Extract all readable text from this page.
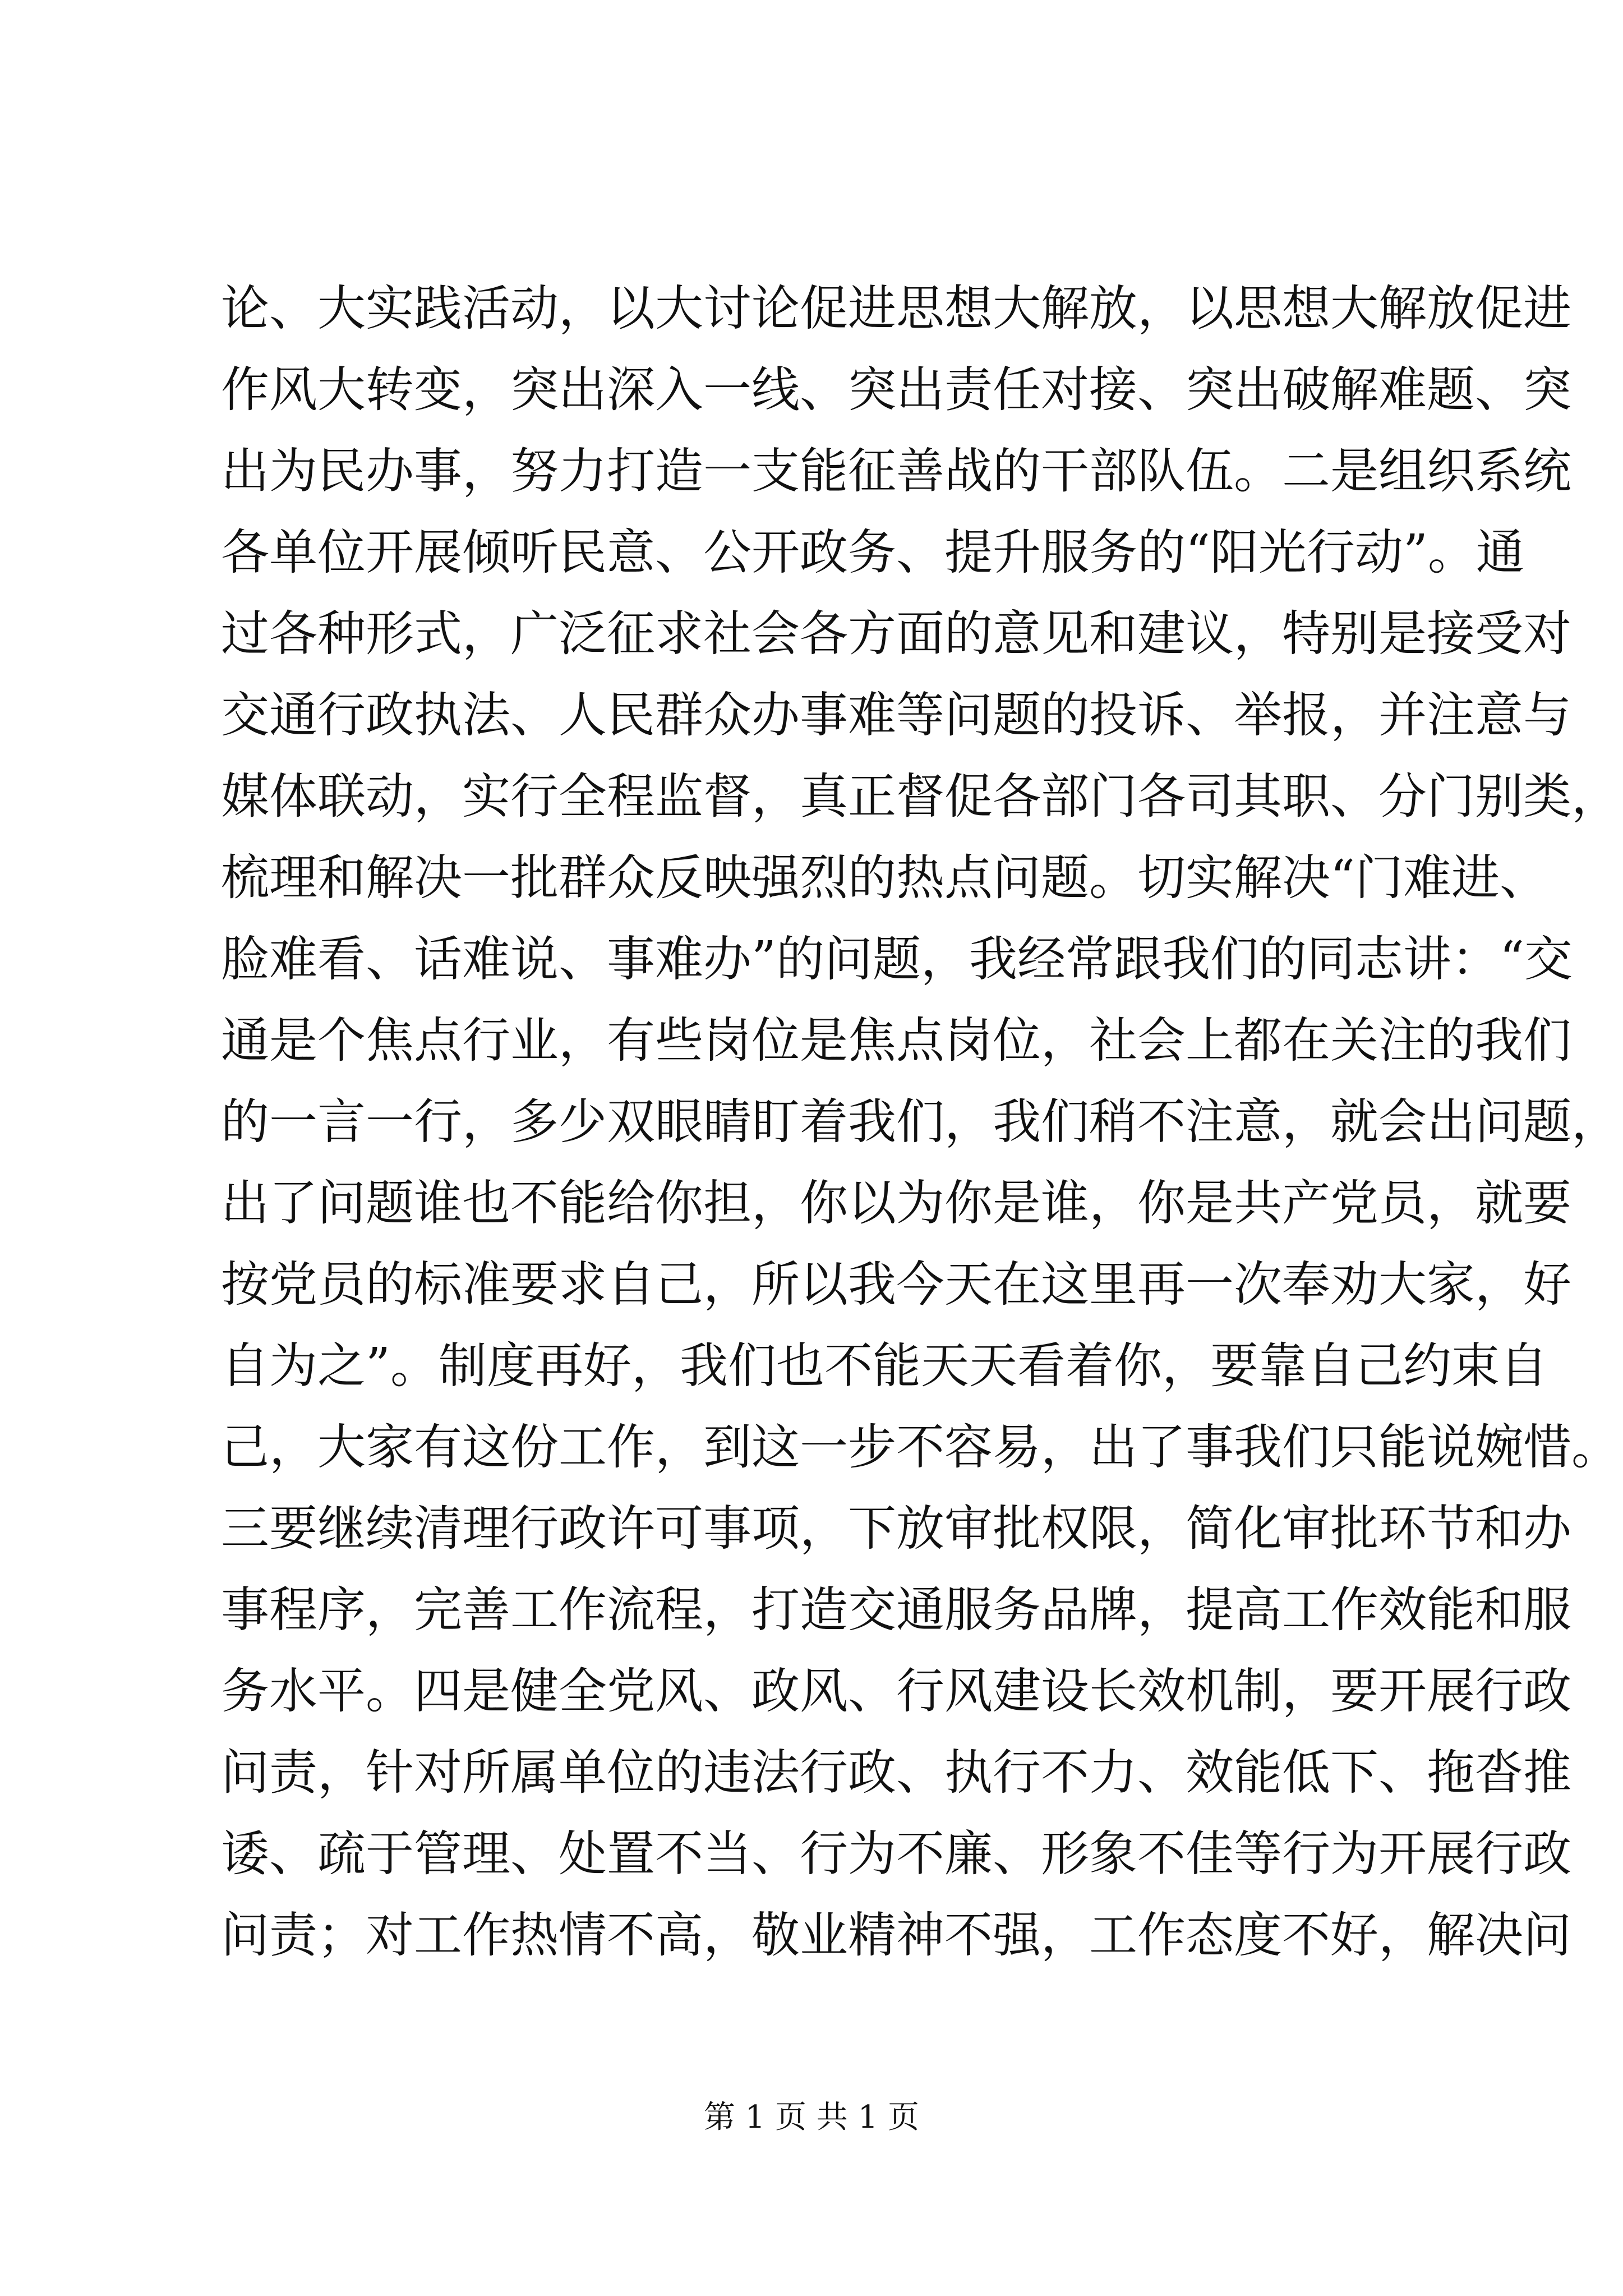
论、大实践活动，以大讨论促进思想大解放，以思想大解放促进
作风大转变，突出深入一线、突出责任对接、突出破解难题、突
出为民办事，努力打造一支能征善战的干部队伍。二是组织系统
各单位开展倾听民意、公开政务、提升服务的“阳光行动”。通
过各种形式，广泛征求社会各方面的意见和建议，特别是接受对
交通行政执法、人民群众办事难等问题的投诉、举报，并注意与
媒体联动，实行全程监督，真正督促各部门各司其职、分门别类，
梳理和解决一批群众反映强烈的热点问题。切实解决“门难进、
脸难看、话难说、事难办”的问题，我经常跟我们的同志讲：“交
通是个焦点行业，有些岗位是焦点岗位，社会上都在关注的我们
的一言一行，多少双眼睛盯着我们，我们稍不注意，就会出问题，
出了问题谁也不能给你担，你以为你是谁，你是共产党员，就要
按党员的标准要求自己，所以我今天在这里再一次奉劝大家，好
自为之”。制度再好，我们也不能天天看着你，要靠自己约束自
己，大家有这份工作，到这一步不容易，出了事我们只能说婉惜。
三要继续清理行政许可事项，下放审批权限，简化审批环节和办
事程序，完善工作流程，打造交通服务品牌，提高工作效能和服
务水平。四是健全党风、政风、行风建设长效机制，要开展行政
问责，针对所属单位的违法行政、执行不力、效能低下、拖沓推
诿、疏于管理、处置不当、行为不廉、形象不佳等行为开展行政
问责；对工作热情不高，敬业精神不强，工作态度不好，解决问
第 1 页 共 1 页
